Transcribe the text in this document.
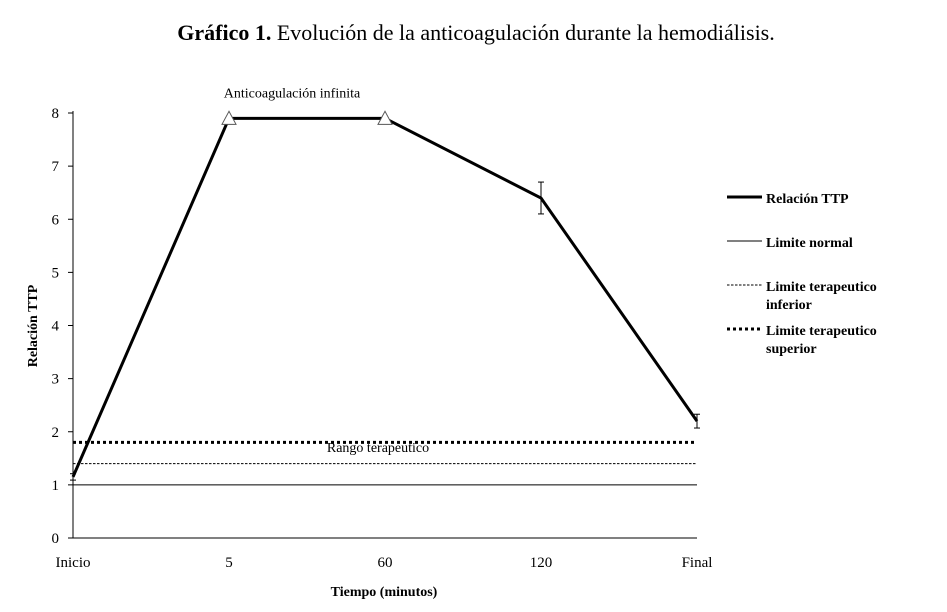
Gráfico 1. Evolución de la anticoagulación durante la hemodiálisis.
0
1
2
3
4
5
6
7
8
Inicio	5	60	120	Final
Anticoagulación infinita
Rango terapeutico
Relación TTP
Limite normal
Limite terapeutico
inferior
Limite terapeutico
superior
Tiempo (minutos)
Relación TTP
